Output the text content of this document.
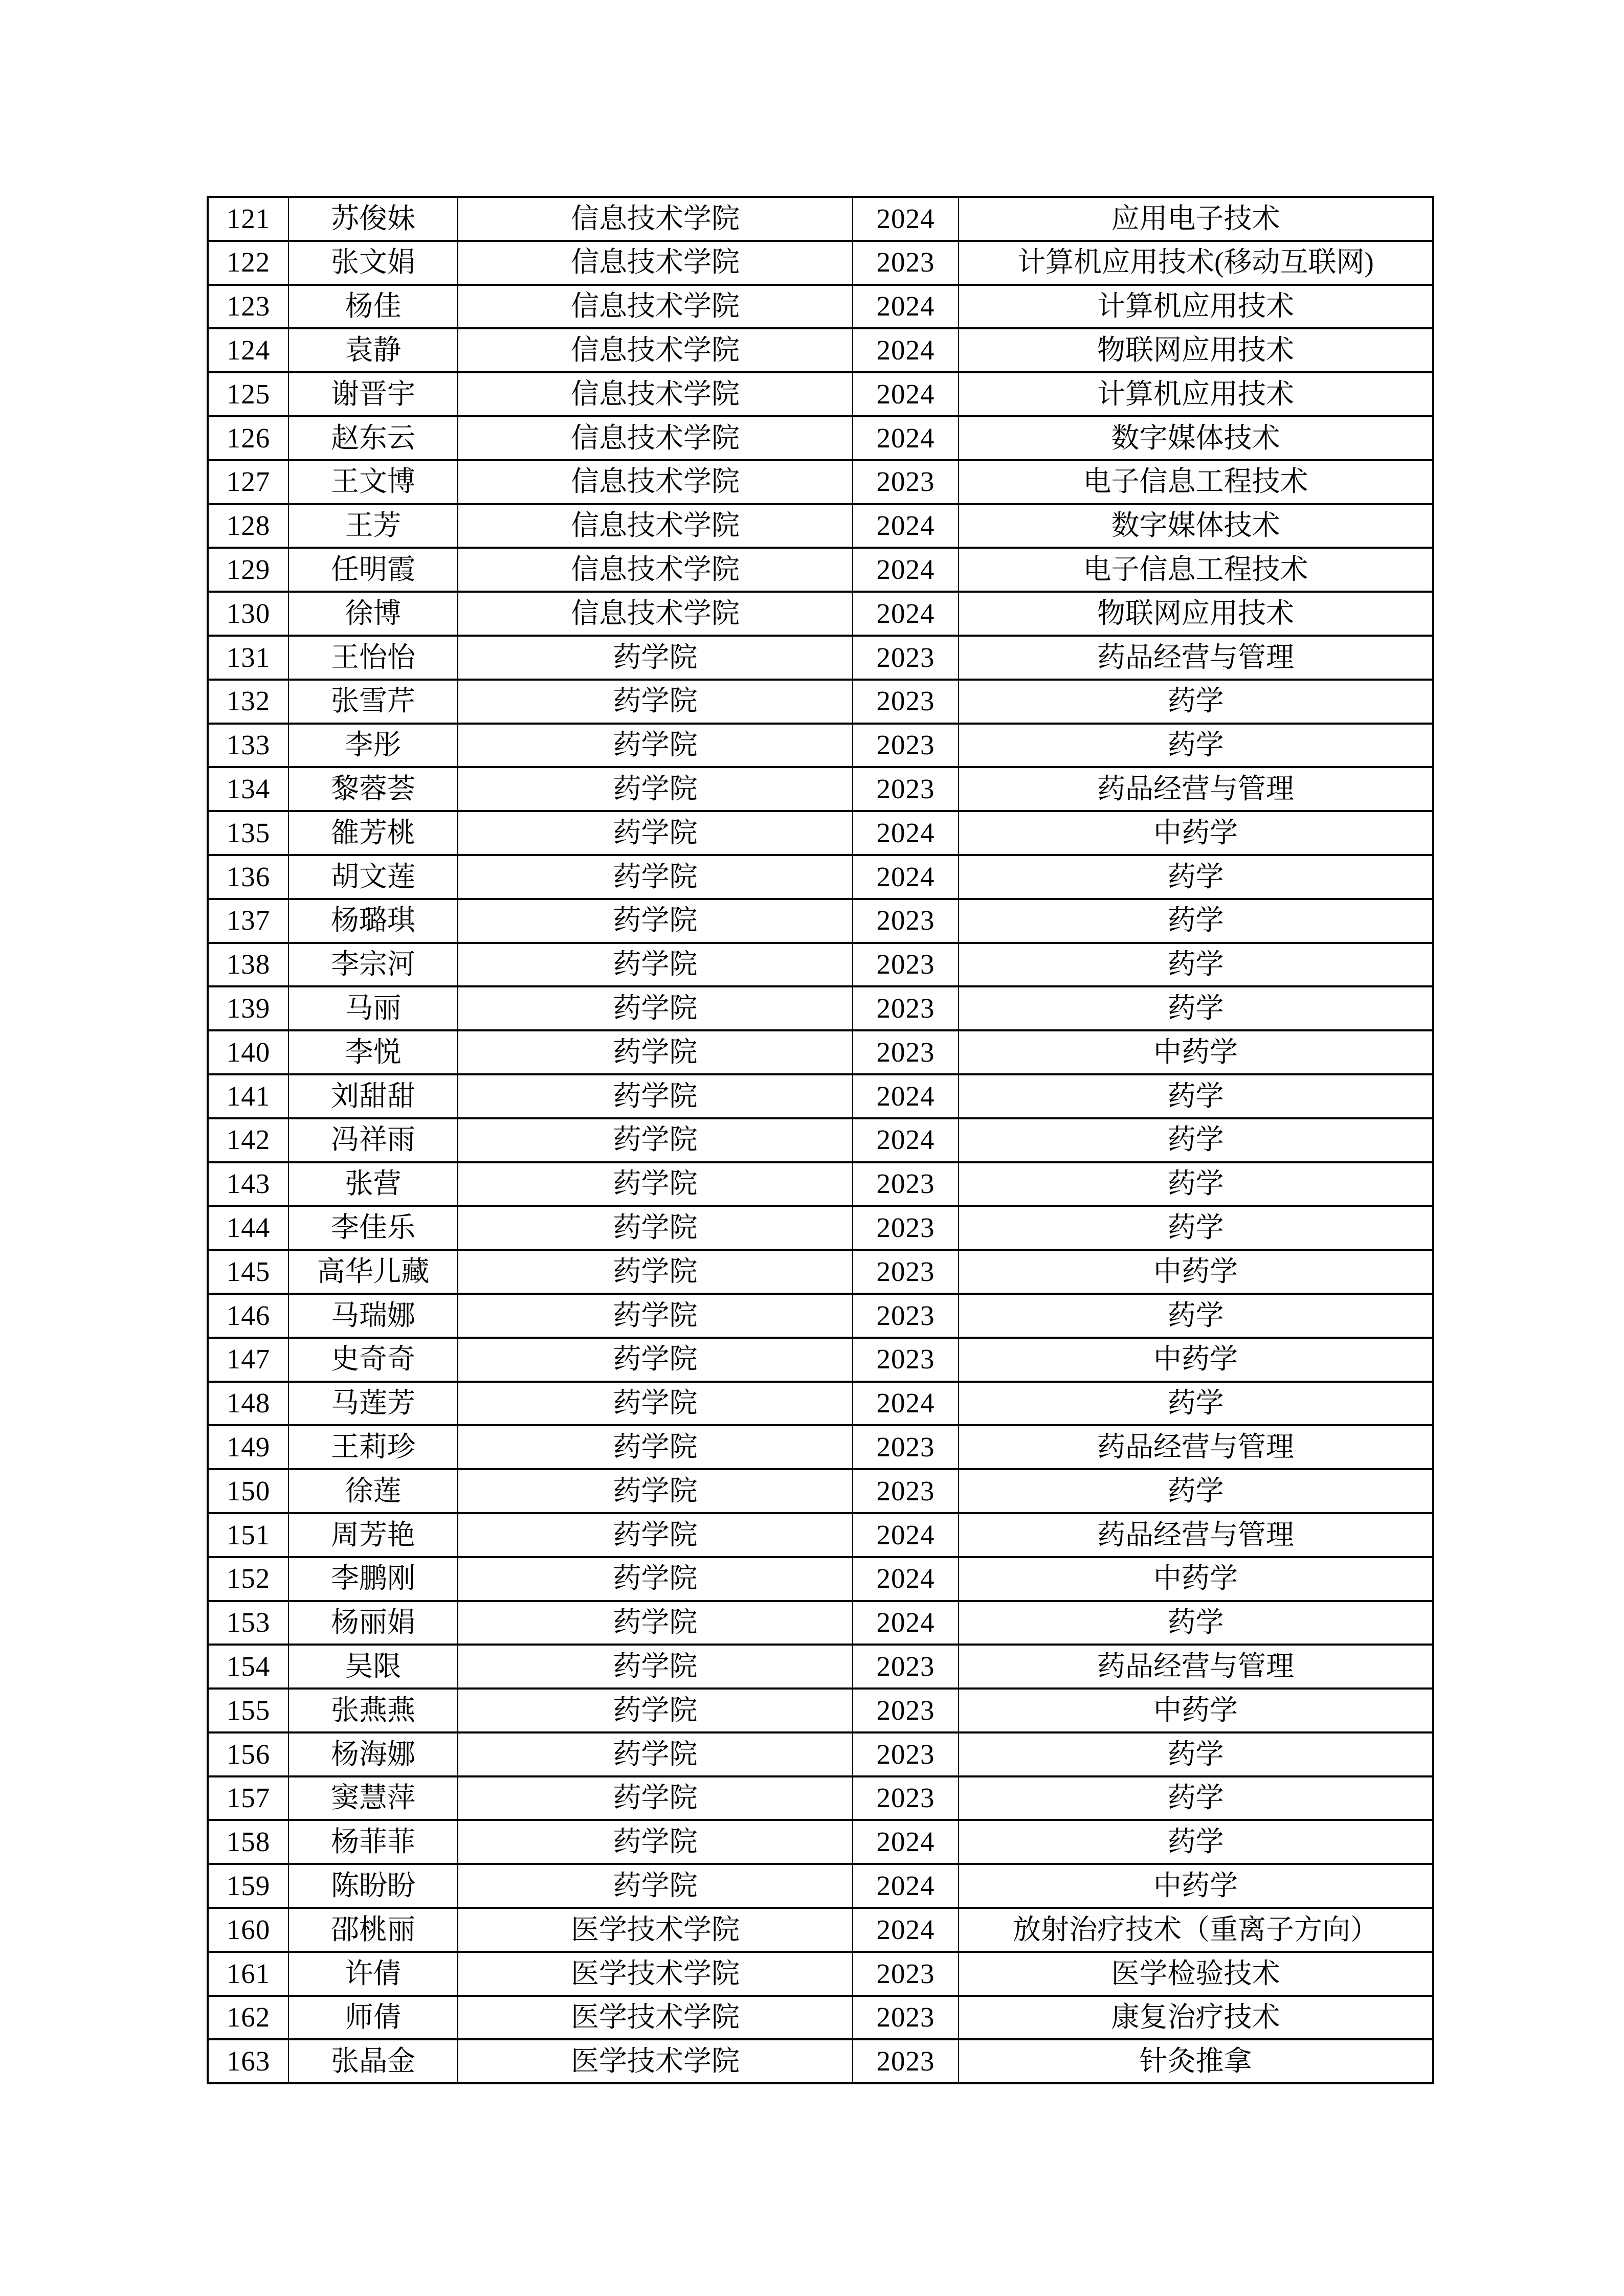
121	苏俊妹	信息技术学院	2024	应用电子技术
122	张文娟	信息技术学院	2023	计算机应用技术(移动互联网)
123	杨佳	信息技术学院	2024	计算机应用技术
124	袁静	信息技术学院	2024	物联网应用技术
125	谢晋宇	信息技术学院	2024	计算机应用技术
126	赵东云	信息技术学院	2024	数字媒体技术
127	王文博	信息技术学院	2023	电子信息工程技术
128	王芳	信息技术学院	2024	数字媒体技术
129	任明霞	信息技术学院	2024	电子信息工程技术
130	徐博	信息技术学院	2024	物联网应用技术
131	王怡怡	药学院	2023	药品经营与管理
132	张雪芹	药学院	2023	药学
133	李彤	药学院	2023	药学
134	黎蓉荟	药学院	2023	药品经营与管理
135	雒芳桃	药学院	2024	中药学
136	胡文莲	药学院	2024	药学
137	杨璐琪	药学院	2023	药学
138	李宗河	药学院	2023	药学
139	马丽	药学院	2023	药学
140	李悦	药学院	2023	中药学
141	刘甜甜	药学院	2024	药学
142	冯祥雨	药学院	2024	药学
143	张营	药学院	2023	药学
144	李佳乐	药学院	2023	药学
145	高华儿藏	药学院	2023	中药学
146	马瑞娜	药学院	2023	药学
147	史奇奇	药学院	2023	中药学
148	马莲芳	药学院	2024	药学
149	王莉珍	药学院	2023	药品经营与管理
150	徐莲	药学院	2023	药学
151	周芳艳	药学院	2024	药品经营与管理
152	李鹏刚	药学院	2024	中药学
153	杨丽娟	药学院	2024	药学
154	吴限	药学院	2023	药品经营与管理
155	张燕燕	药学院	2023	中药学
156	杨海娜	药学院	2023	药学
157	窦慧萍	药学院	2023	药学
158	杨菲菲	药学院	2024	药学
159	陈盼盼	药学院	2024	中药学
160	邵桃丽	医学技术学院	2024	放射治疗技术（重离子方向）
161	许倩	医学技术学院	2023	医学检验技术
162	师倩	医学技术学院	2023	康复治疗技术
163	张晶金	医学技术学院	2023	针灸推拿
